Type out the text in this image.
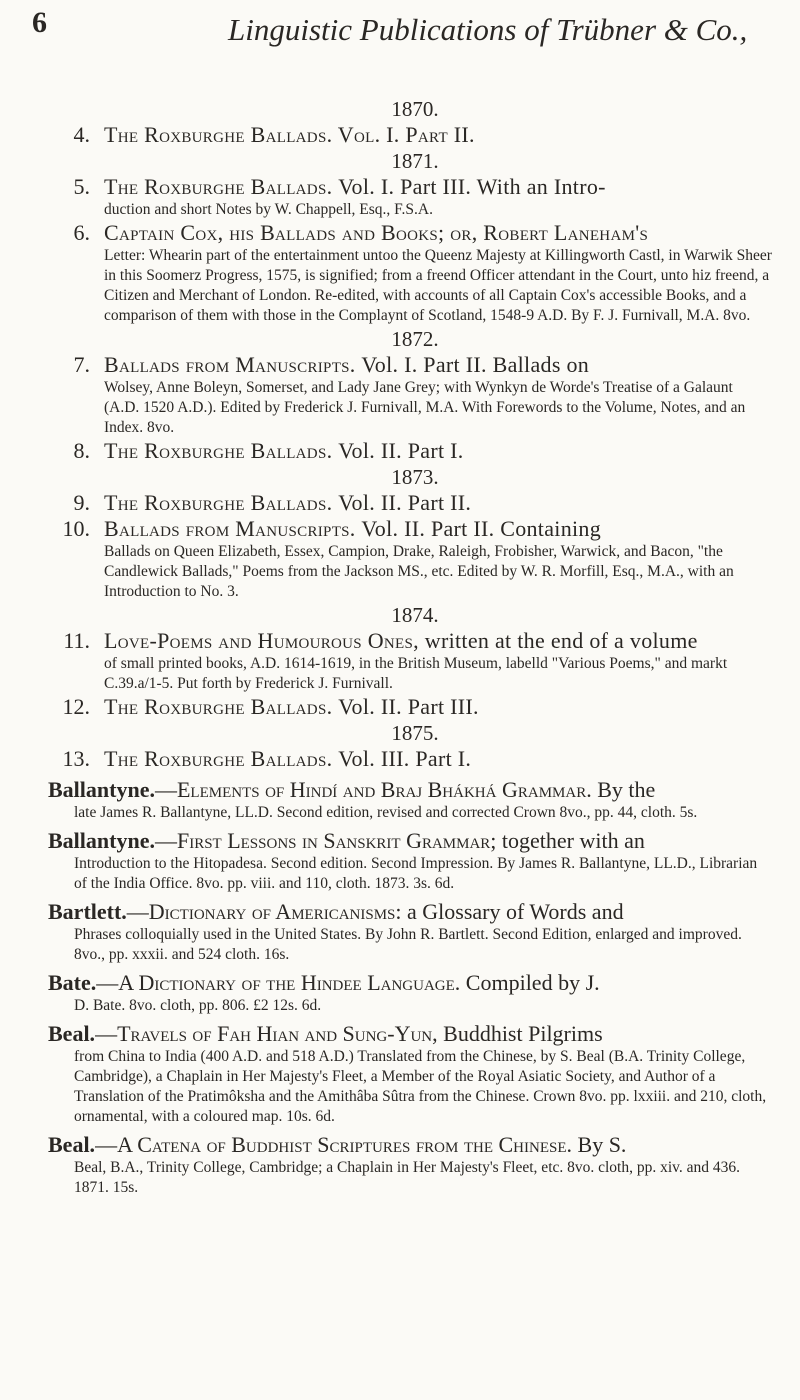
6	Linguistic Publications of Trübner & Co.,

1870.

4. The Roxburghe Ballads. Vol. I. Part II.

1871.

5. The Roxburghe Ballads. Vol. I. Part III. With an Intro-
duction and short Notes by W. Chappell, Esq., F.S.A.
6. Captain Cox, his Ballads and Books; or, Robert Laneham's
Letter: Whearin part of the entertainment untoo the Queenz Majesty at Killingworth Castl, in Warwik Sheer in this Soomerz Progress, 1575, is signified; from a freend Officer attendant in the Court, unto hiz freend, a Citizen and Merchant of London. Re-edited, with accounts of all Captain Cox's accessible Books, and a comparison of them with those in the Complaynt of Scotland, 1548-9 A.D. By F. J. Furnivall, M.A. 8vo.

1872.

7. Ballads from Manuscripts. Vol. I. Part II. Ballads on
Wolsey, Anne Boleyn, Somerset, and Lady Jane Grey; with Wynkyn de Worde's Treatise of a Galaunt (A.D. 1520 A.D.). Edited by Frederick J. Furnivall, M.A. With Forewords to the Volume, Notes, and an Index. 8vo.
8. The Roxburghe Ballads. Vol. II. Part I.

1873.

9. The Roxburghe Ballads. Vol. II. Part II.
10. Ballads from Manuscripts. Vol. II. Part II. Containing
Ballads on Queen Elizabeth, Essex, Campion, Drake, Raleigh, Frobisher, Warwick, and Bacon, "the Candlewick Ballads," Poems from the Jackson MS., etc. Edited by W. R. Morfill, Esq., M.A., with an Introduction to No. 3.

1874.

11. Love-Poems and Humourous Ones, written at the end of a volume
of small printed books, A.D. 1614-1619, in the British Museum, labelld "Various Poems," and markt C.39.a/1-5. Put forth by Frederick J. Furnivall.
12. The Roxburghe Ballads. Vol. II. Part III.

1875.

13. The Roxburghe Ballads. Vol. III. Part I.
Ballantyne.—Elements of Hindí and Braj Bhákhá Grammar. By the
late James R. Ballantyne, LL.D. Second edition, revised and corrected Crown 8vo., pp. 44, cloth. 5s.
Ballantyne.—First Lessons in Sanskrit Grammar; together with an
Introduction to the Hitopadesa. Second edition. Second Impression. By James R. Ballantyne, LL.D., Librarian of the India Office. 8vo. pp. viii. and 110, cloth. 1873. 3s. 6d.
Bartlett.—Dictionary of Americanisms: a Glossary of Words and
Phrases colloquially used in the United States. By John R. Bartlett. Second Edition, enlarged and improved. 8vo., pp. xxxii. and 524 cloth. 16s.
Bate.—A Dictionary of the Hindee Language. Compiled by J.
D. Bate. 8vo. cloth, pp. 806. £2 12s. 6d.
Beal.—Travels of Fah Hian and Sung-Yun, Buddhist Pilgrims
from China to India (400 A.D. and 518 A.D.) Translated from the Chinese, by S. Beal (B.A. Trinity College, Cambridge), a Chaplain in Her Majesty's Fleet, a Member of the Royal Asiatic Society, and Author of a Translation of the Pratimôksha and the Amithâba Sûtra from the Chinese. Crown 8vo. pp. lxxiii. and 210, cloth, ornamental, with a coloured map. 10s. 6d.
Beal.—A Catena of Buddhist Scriptures from the Chinese. By S.
Beal, B.A., Trinity College, Cambridge; a Chaplain in Her Majesty's Fleet, etc. 8vo. cloth, pp. xiv. and 436. 1871. 15s.
